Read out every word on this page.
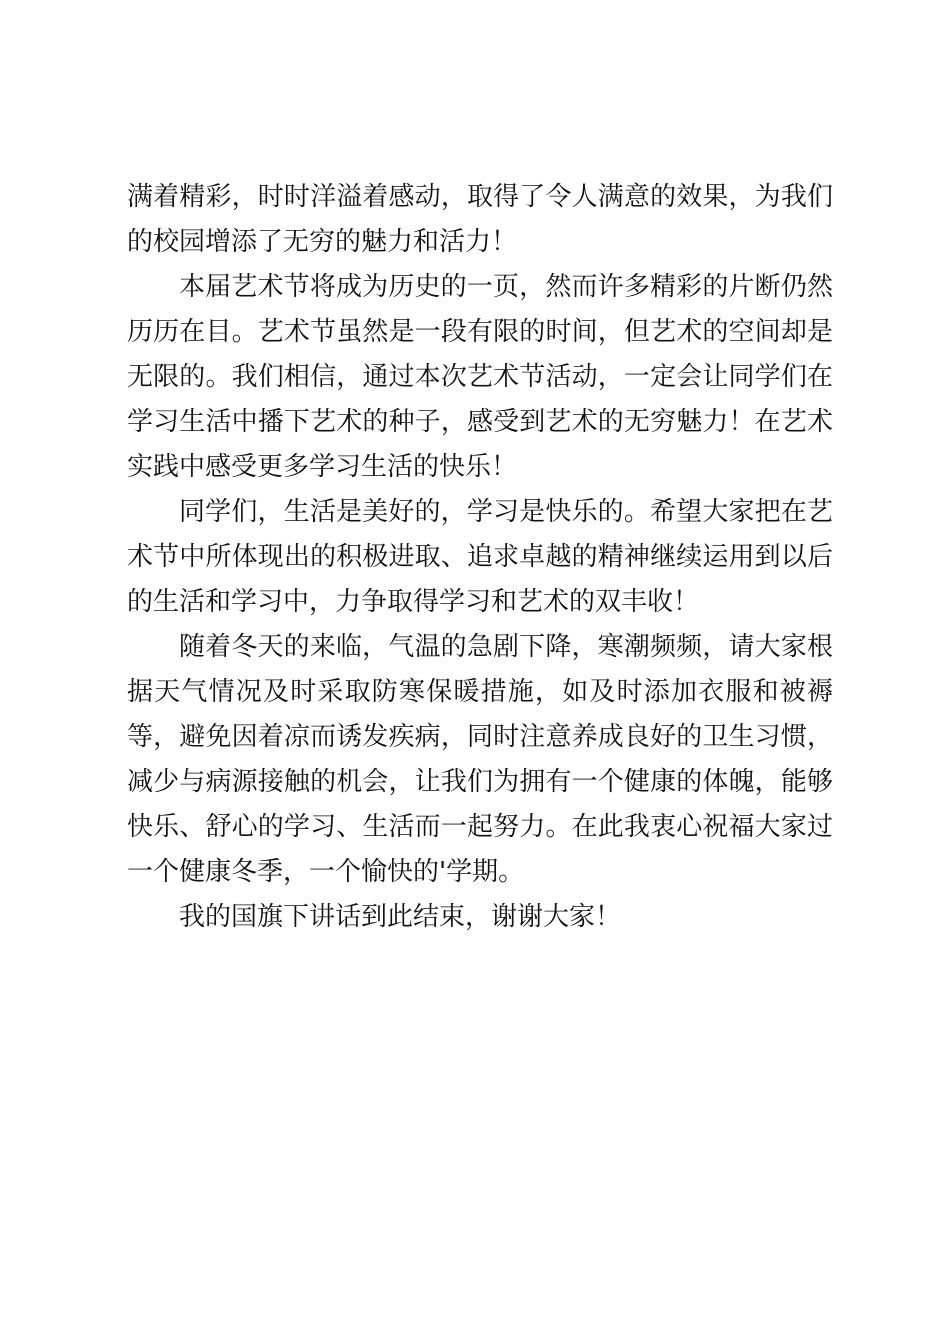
满着精彩，时时洋溢着感动，取得了令人满意的效果，为我们的校园增添了无穷的魅力和活力！

本届艺术节将成为历史的一页，然而许多精彩的片断仍然历历在目。艺术节虽然是一段有限的时间，但艺术的空间却是无限的。我们相信，通过本次艺术节活动，一定会让同学们在学习生活中播下艺术的种子，感受到艺术的无穷魅力！在艺术实践中感受更多学习生活的快乐！

同学们，生活是美好的，学习是快乐的。希望大家把在艺术节中所体现出的积极进取、追求卓越的精神继续运用到以后的生活和学习中，力争取得学习和艺术的双丰收！

随着冬天的来临，气温的急剧下降，寒潮频频，请大家根据天气情况及时采取防寒保暖措施，如及时添加衣服和被褥等，避免因着凉而诱发疾病，同时注意养成良好的卫生习惯，减少与病源接触的机会，让我们为拥有一个健康的体魄，能够快乐、舒心的学习、生活而一起努力。在此我衷心祝福大家过一个健康冬季，一个愉快的'学期。

我的国旗下讲话到此结束，谢谢大家！
